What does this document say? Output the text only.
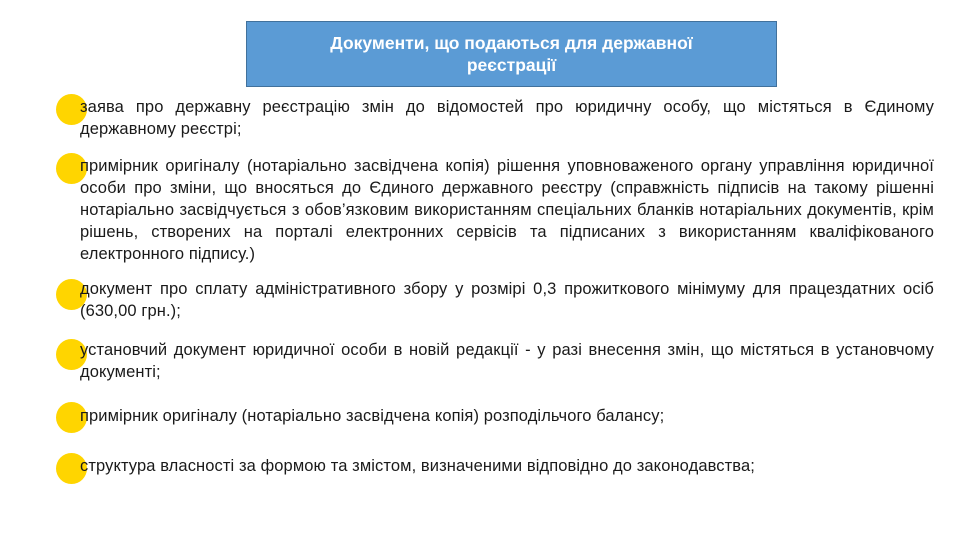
Документи, що подаються для державної
реєстрації

заява про державну реєстрацію змін до відомостей про юридичну особу, що містяться в Єдиному державному реєстрі;

примірник оригіналу (нотаріально засвідчена копія) рішення уповноваженого органу управління юридичної особи про зміни, що вносяться до Єдиного державного реєстру (справжність підписів на такому рішенні нотаріально засвідчується з обов’язковим використанням спеціальних бланків нотаріальних документів, крім рішень, створених на порталі електронних сервісів та підписаних з використанням кваліфікованого електронного підпису.)

документ про сплату адміністративного збору у розмірі 0,3 прожиткового мінімуму для працездатних осіб (630,00 грн.);

установчий документ юридичної особи в новій редакції - у разі внесення змін, що містяться в установчому документі;

примірник оригіналу (нотаріально засвідчена копія) розподільчого балансу;

структура власності за формою та змістом, визначеними відповідно до законодавства;
